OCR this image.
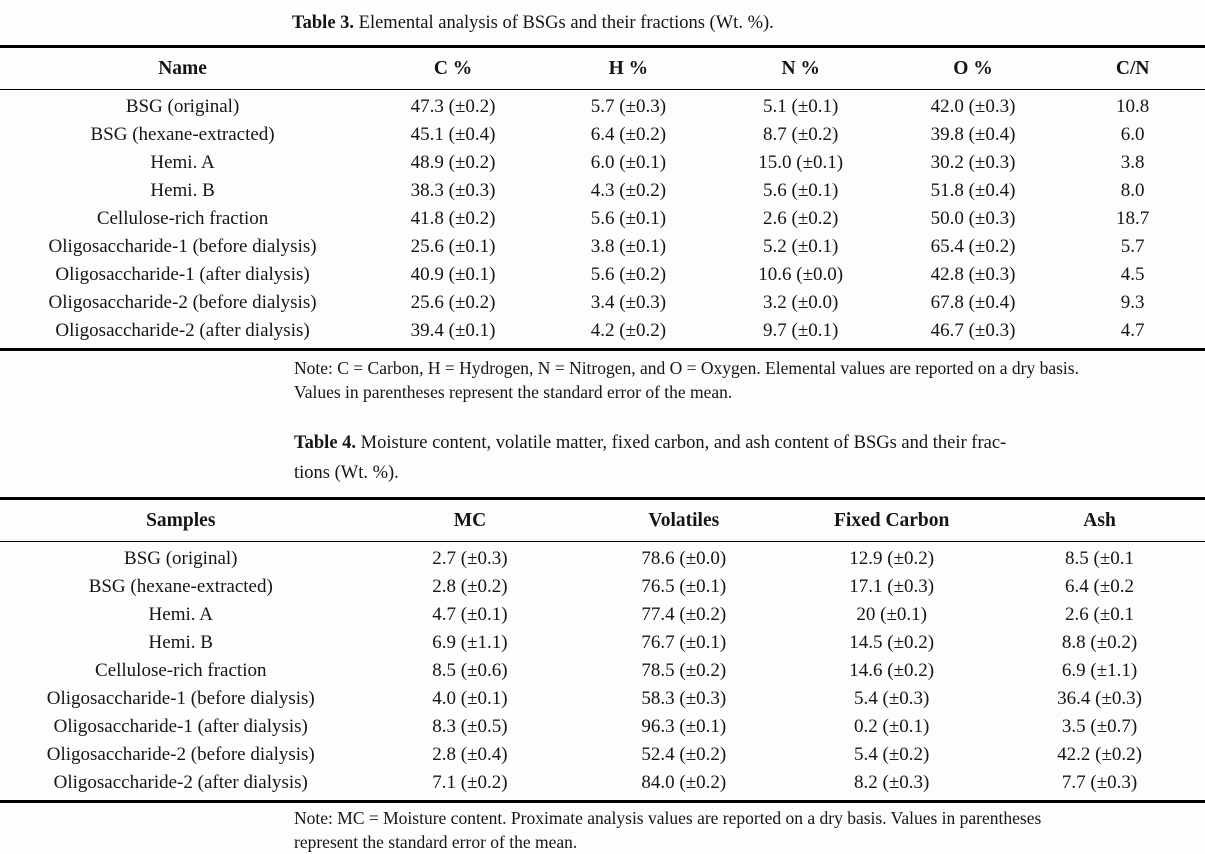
Table 3. Elemental analysis of BSGs and their fractions (Wt. %).

Name	C %	H %	N %	O %	C/N
BSG (original)	47.3 (±0.2)	5.7 (±0.3)	5.1 (±0.1)	42.0 (±0.3)	10.8
BSG (hexane-extracted)	45.1 (±0.4)	6.4 (±0.2)	8.7 (±0.2)	39.8 (±0.4)	6.0
Hemi. A	48.9 (±0.2)	6.0 (±0.1)	15.0 (±0.1)	30.2 (±0.3)	3.8
Hemi. B	38.3 (±0.3)	4.3 (±0.2)	5.6 (±0.1)	51.8 (±0.4)	8.0
Cellulose-rich fraction	41.8 (±0.2)	5.6 (±0.1)	2.6 (±0.2)	50.0 (±0.3)	18.7
Oligosaccharide-1 (before dialysis)	25.6 (±0.1)	3.8 (±0.1)	5.2 (±0.1)	65.4 (±0.2)	5.7
Oligosaccharide-1 (after dialysis)	40.9 (±0.1)	5.6 (±0.2)	10.6 (±0.0)	42.8 (±0.3)	4.5
Oligosaccharide-2 (before dialysis)	25.6 (±0.2)	3.4 (±0.3)	3.2 (±0.0)	67.8 (±0.4)	9.3
Oligosaccharide-2 (after dialysis)	39.4 (±0.1)	4.2 (±0.2)	9.7 (±0.1)	46.7 (±0.3)	4.7

Note: C = Carbon, H = Hydrogen, N = Nitrogen, and O = Oxygen. Elemental values are reported on a dry basis.
Values in parentheses represent the standard error of the mean.

Table 4. Moisture content, volatile matter, fixed carbon, and ash content of BSGs and their frac-
tions (Wt. %).

Samples	MC	Volatiles	Fixed Carbon	Ash
BSG (original)	2.7 (±0.3)	78.6 (±0.0)	12.9 (±0.2)	8.5 (±0.1
BSG (hexane-extracted)	2.8 (±0.2)	76.5 (±0.1)	17.1 (±0.3)	6.4 (±0.2
Hemi. A	4.7 (±0.1)	77.4 (±0.2)	20 (±0.1)	2.6 (±0.1
Hemi. B	6.9 (±1.1)	76.7 (±0.1)	14.5 (±0.2)	8.8 (±0.2)
Cellulose-rich fraction	8.5 (±0.6)	78.5 (±0.2)	14.6 (±0.2)	6.9 (±1.1)
Oligosaccharide-1 (before dialysis)	4.0 (±0.1)	58.3 (±0.3)	5.4 (±0.3)	36.4 (±0.3)
Oligosaccharide-1 (after dialysis)	8.3 (±0.5)	96.3 (±0.1)	0.2 (±0.1)	3.5 (±0.7)
Oligosaccharide-2 (before dialysis)	2.8 (±0.4)	52.4 (±0.2)	5.4 (±0.2)	42.2 (±0.2)
Oligosaccharide-2 (after dialysis)	7.1 (±0.2)	84.0 (±0.2)	8.2 (±0.3)	7.7 (±0.3)

Note: MC = Moisture content. Proximate analysis values are reported on a dry basis. Values in parentheses
represent the standard error of the mean.
